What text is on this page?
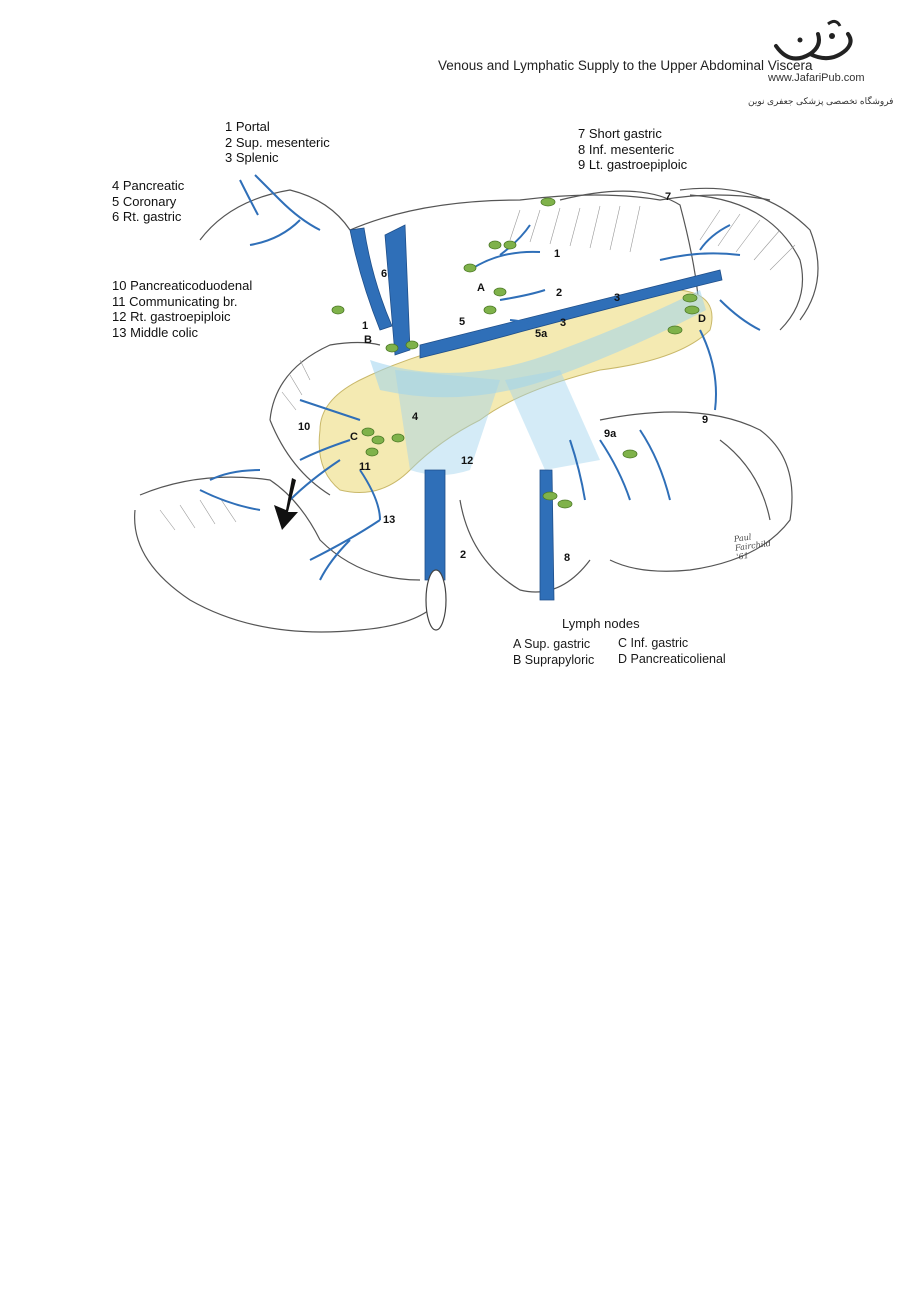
Venous and Lymphatic Supply to the Upper Abdominal Viscera
www.JafariPub.com
فروشگاه تخصصی پزشکی جعفری نوین
1 Portal
2 Sup. mesenteric
3 Splenic
4 Pancreatic
5 Coronary
6 Rt. gastric
7 Short gastric
8 Inf. mesenteric
9 Lt. gastroepiploic
10 Pancreaticoduodenal
11 Communicating br.
12 Rt. gastroepiploic
13 Middle colic
1
2
3
3
5a
5
6
1
B
A
7
D
9
9a
10
C
4
11	12
13
2	8
Paul Fairchild '61
Lymph nodes
A Sup. gastric
B Suprapyloric
C Inf. gastric
D Pancreaticolienal
